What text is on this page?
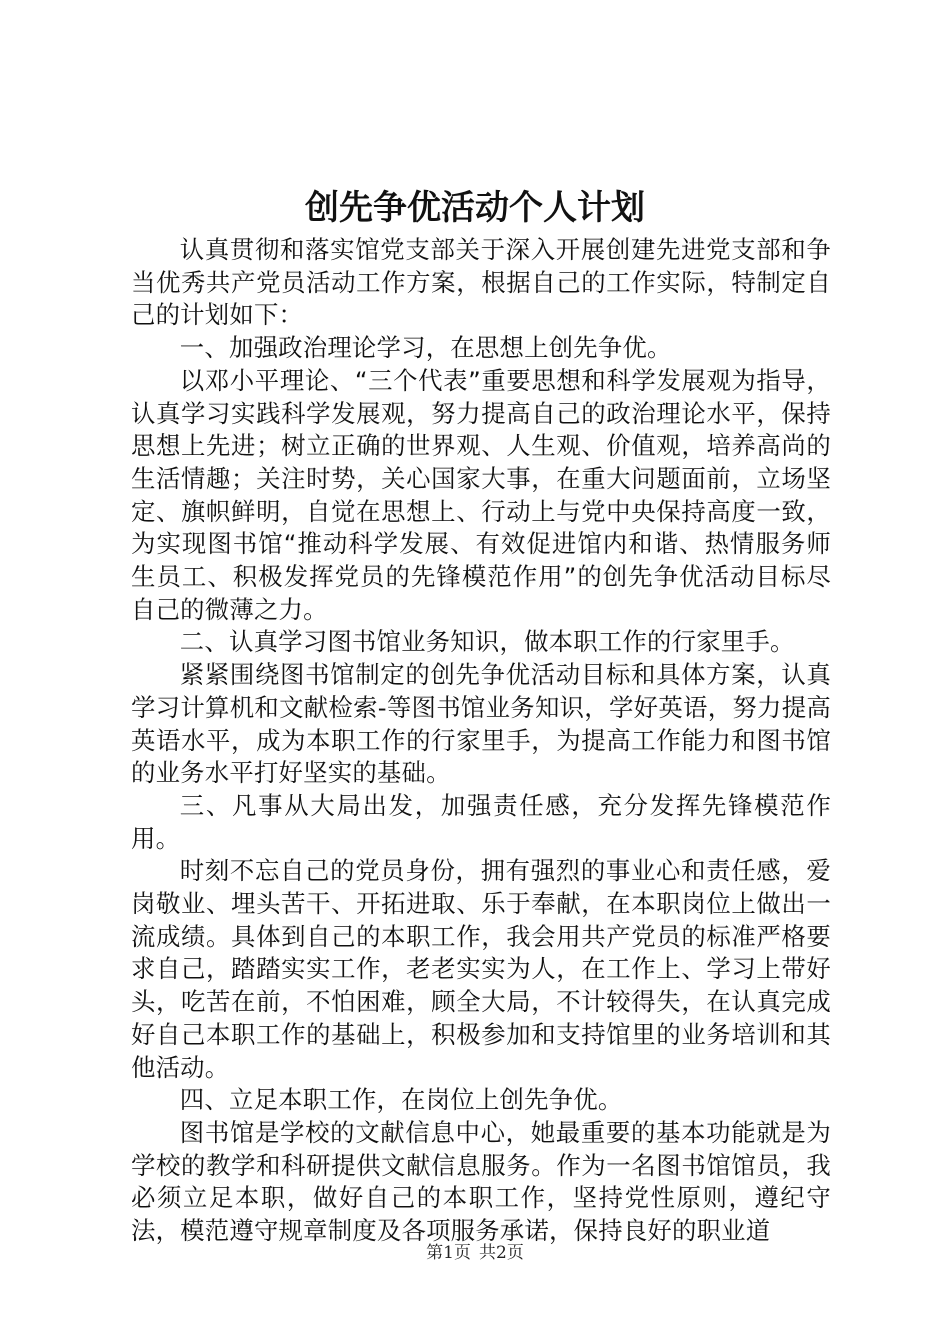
创先争优活动个人计划

认真贯彻和落实馆党支部关于深入开展创建先进党支部和争当优秀共产党员活动工作方案，根据自己的工作实际，特制定自己的计划如下：

一、加强政治理论学习，在思想上创先争优。

以邓小平理论、“三个代表”重要思想和科学发展观为指导，认真学习实践科学发展观，努力提高自己的政治理论水平，保持思想上先进；树立正确的世界观、人生观、价值观，培养高尚的生活情趣；关注时势，关心国家大事，在重大问题面前，立场坚定、旗帜鲜明，自觉在思想上、行动上与党中央保持高度一致，为实现图书馆“推动科学发展、有效促进馆内和谐、热情服务师生员工、积极发挥党员的先锋模范作用”的创先争优活动目标尽自己的微薄之力。

二、认真学习图书馆业务知识，做本职工作的行家里手。

紧紧围绕图书馆制定的创先争优活动目标和具体方案，认真学习计算机和文献检索-等图书馆业务知识，学好英语，努力提高英语水平，成为本职工作的行家里手，为提高工作能力和图书馆的业务水平打好坚实的基础。

三、凡事从大局出发，加强责任感，充分发挥先锋模范作用。

时刻不忘自己的党员身份，拥有强烈的事业心和责任感，爱岗敬业、埋头苦干、开拓进取、乐于奉献，在本职岗位上做出一流成绩。具体到自己的本职工作，我会用共产党员的标准严格要求自己，踏踏实实工作，老老实实为人，在工作上、学习上带好头，吃苦在前，不怕困难，顾全大局，不计较得失，在认真完成好自己本职工作的基础上，积极参加和支持馆里的业务培训和其他活动。

四、立足本职工作，在岗位上创先争优。

图书馆是学校的文献信息中心，她最重要的基本功能就是为学校的教学和科研提供文献信息服务。作为一名图书馆馆员，我必须立足本职，做好自己的本职工作，坚持党性原则，遵纪守法，模范遵守规章制度及各项服务承诺，保持良好的职业道

第1页 共2页
